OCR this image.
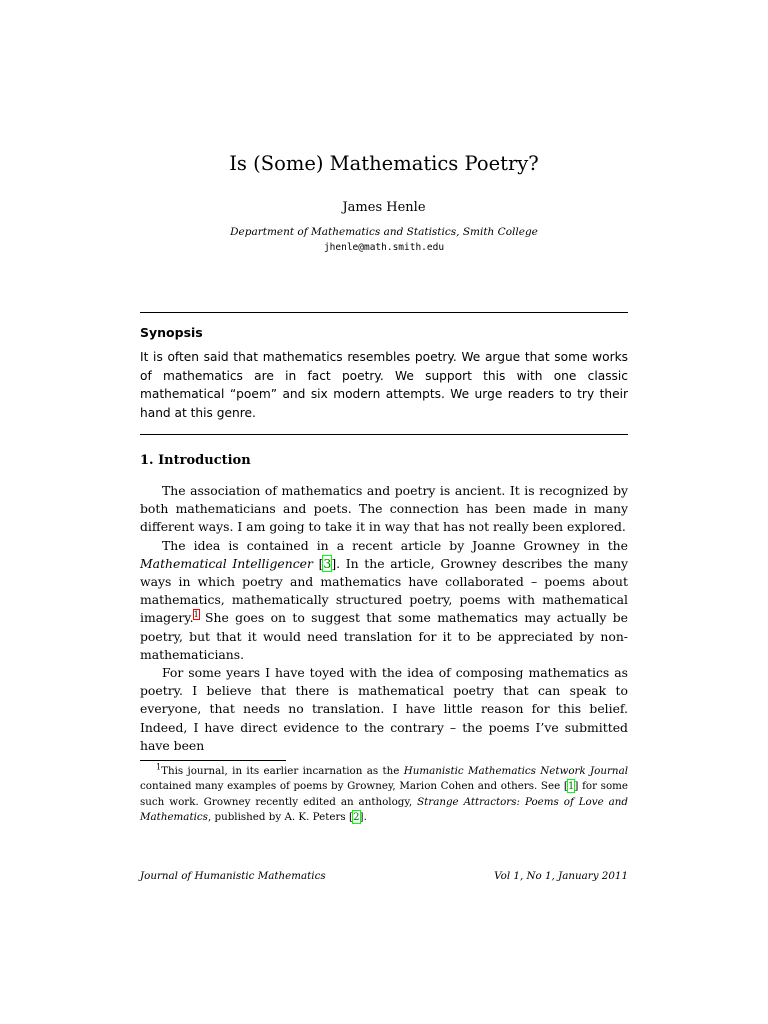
Is (Some) Mathematics Poetry?
James Henle
Department of Mathematics and Statistics, Smith College
jhenle@math.smith.edu
Synopsis
It is often said that mathematics resembles poetry. We argue that some works of mathematics are in fact poetry. We support this with one classic mathematical “poem” and six modern attempts. We urge readers to try their hand at this genre.
1. Introduction

The association of mathematics and poetry is ancient. It is recognized by both mathematicians and poets. The connection has been made in many different ways. I am going to take it in way that has not really been explored.

The idea is contained in a recent article by Joanne Growney in the Mathematical Intelligencer [3]. In the article, Growney describes the many ways in which poetry and mathematics have collaborated – poems about mathematics, mathematically structured poetry, poems with mathematical imagery.$^1$ She goes on to suggest that some mathematics may actually be poetry, but that it would need translation for it to be appreciated by non-mathematicians.

For some years I have toyed with the idea of composing mathematics as poetry. I believe that there is mathematical poetry that can speak to everyone, that needs no translation. I have little reason for this belief. Indeed, I have direct evidence to the contrary – the poems I’ve submitted have been

$^1$This journal, in its earlier incarnation as the Humanistic Mathematics Network Journal contained many examples of poems by Growney, Marion Cohen and others. See [1] for some such work. Growney recently edited an anthology, Strange Attractors: Poems of Love and Mathematics, published by A. K. Peters [2].
Journal of Humanistic Mathematics	Vol 1, No 1, January 2011
